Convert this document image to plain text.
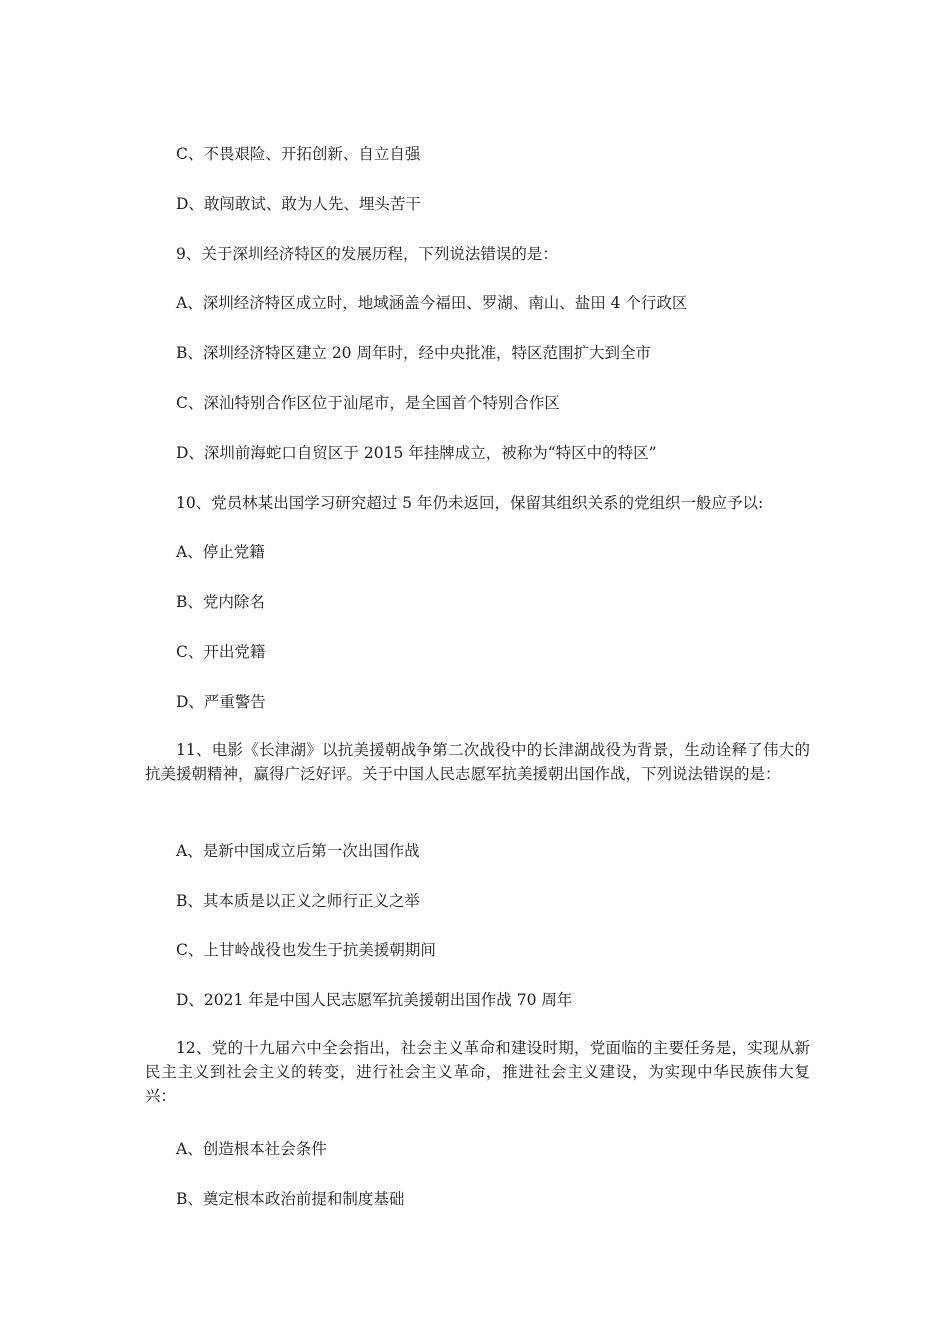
C、不畏艰险、开拓创新、自立自强
D、敢闯敢试、敢为人先、埋头苦干
9、关于深圳经济特区的发展历程，下列说法错误的是：
A、深圳经济特区成立时，地域涵盖今福田、罗湖、南山、盐田 4 个行政区
B、深圳经济特区建立 20 周年时，经中央批准，特区范围扩大到全市
C、深汕特别合作区位于汕尾市，是全国首个特别合作区
D、深圳前海蛇口自贸区于 2015 年挂牌成立，被称为“特区中的特区”
10、党员林某出国学习研究超过 5 年仍未返回，保留其组织关系的党组织一般应予以:
A、停止党籍
B、党内除名
C、开出党籍
D、严重警告
11、电影《长津湖》以抗美援朝战争第二次战役中的长津湖战役为背景，生动诠释了伟大的抗美援朝精神，赢得广泛好评。关于中国人民志愿军抗美援朝出国作战，下列说法错误的是：
A、是新中国成立后第一次出国作战
B、其本质是以正义之师行正义之举
C、上甘岭战役也发生于抗美援朝期间
D、2021 年是中国人民志愿军抗美援朝出国作战 70 周年
12、党的十九届六中全会指出，社会主义革命和建设时期，党面临的主要任务是，实现从新民主主义到社会主义的转变，进行社会主义革命，推进社会主义建设，为实现中华民族伟大复兴：
A、创造根本社会条件
B、奠定根本政治前提和制度基础
